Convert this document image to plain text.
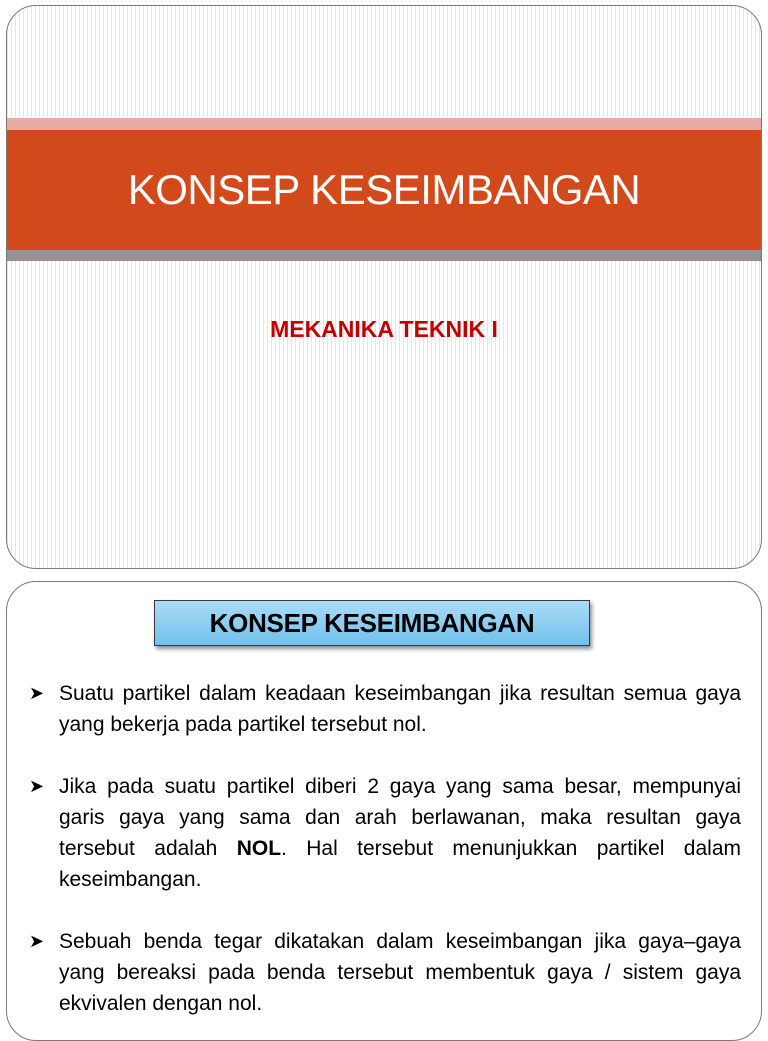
KONSEP KESEIMBANGAN
MEKANIKA TEKNIK I
KONSEP KESEIMBANGAN
➤ Suatu partikel dalam keadaan keseimbangan jika resultan semua gaya yang bekerja pada partikel tersebut nol.
➤ Jika pada suatu partikel diberi 2 gaya yang sama besar, mempunyai garis gaya yang sama dan arah berlawanan, maka resultan gaya tersebut adalah NOL. Hal tersebut menunjukkan partikel dalam keseimbangan.
➤ Sebuah benda tegar dikatakan dalam keseimbangan jika gaya–gaya yang bereaksi pada benda tersebut membentuk gaya / sistem gaya ekvivalen dengan nol.
